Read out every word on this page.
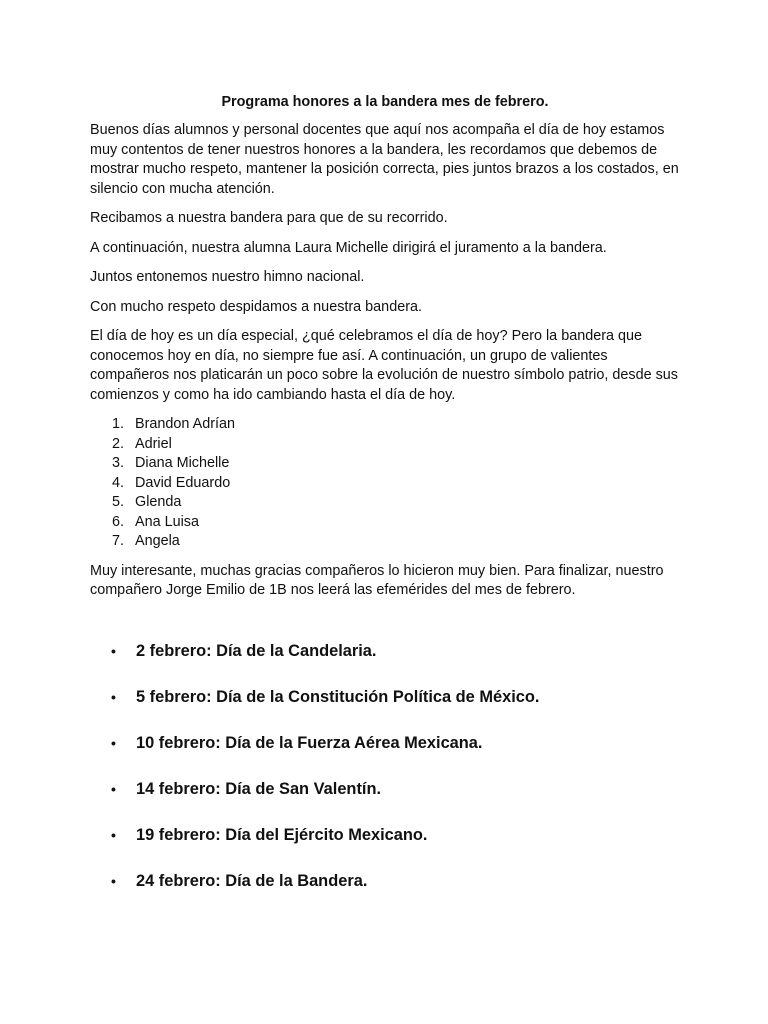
Programa honores a la bandera mes de febrero.

Buenos días alumnos y personal docentes que aquí nos acompaña el día de hoy estamos muy contentos de tener nuestros honores a la bandera, les recordamos que debemos de mostrar mucho respeto, mantener la posición correcta, pies juntos brazos a los costados, en silencio con mucha atención.

Recibamos a nuestra bandera para que de su recorrido.

A continuación, nuestra alumna Laura Michelle dirigirá el juramento a la bandera.

Juntos entonemos nuestro himno nacional.

Con mucho respeto despidamos a nuestra bandera.

El día de hoy es un día especial, ¿qué celebramos el día de hoy? Pero la bandera que conocemos hoy en día, no siempre fue así. A continuación, un grupo de valientes compañeros nos platicarán un poco sobre la evolución de nuestro símbolo patrio, desde sus comienzos y como ha ido cambiando hasta el día de hoy.

1. Brandon Adrían
2. Adriel
3. Diana Michelle
4. David Eduardo
5. Glenda
6. Ana Luisa
7. Angela

Muy interesante, muchas gracias compañeros lo hicieron muy bien. Para finalizar, nuestro compañero Jorge Emilio de 1B nos leerá las efemérides del mes de febrero.

• 2 febrero: Día de la Candelaria.
• 5 febrero: Día de la Constitución Política de México.
• 10 febrero: Día de la Fuerza Aérea Mexicana.
• 14 febrero: Día de San Valentín.
• 19 febrero: Día del Ejército Mexicano.
• 24 febrero: Día de la Bandera.
